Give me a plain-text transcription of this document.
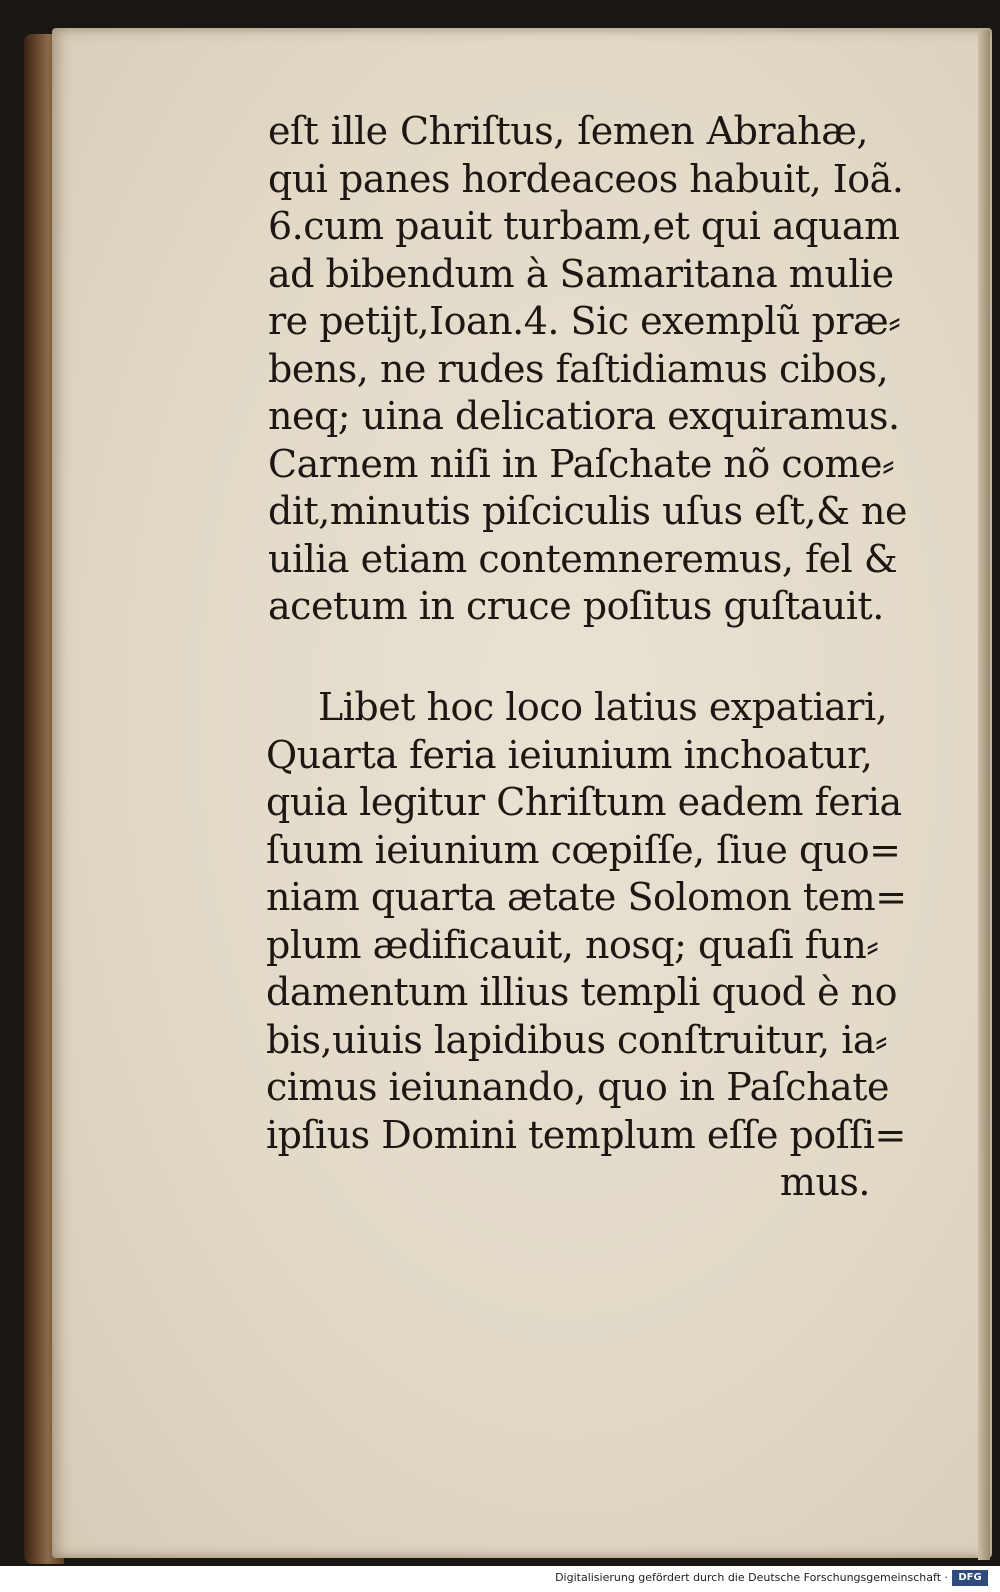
eſt ille Chriſtus, ſemen Abrahæ,
qui panes hordeaceos habuit, Ioã.
6.cum pauit turbam,et qui aquam
ad bibendum à Samaritana mulie
re petijt,Ioan.4. Sic exemplũ præ⸗
bens, ne rudes faſtidiamus cibos,
neq; uina delicatiora exquiramus.
Carnem niſi in Paſchate nõ come⸗
dit,minutis piſciculis uſus eſt,& ne
uilia etiam contemneremus, fel &
acetum in cruce poſitus guſtauit.
Libet hoc loco latius expatiari,
Quarta feria ieiunium inchoatur,
quia legitur Chriſtum eadem feria
ſuum ieiunium cœpiſſe, ſiue quo=
niam quarta ætate Solomon tem=
plum ædificauit, nosq; quaſi fun⸗
damentum illius templi quod è no
bis,uiuis lapidibus conſtruitur, ia⸗
cimus ieiunando, quo in Paſchate
ipſius Domini templum eſſe poſſi=
mus.
Digitalisierung gefördert durch die Deutsche Forschungsgemeinschaft ·	DFG
